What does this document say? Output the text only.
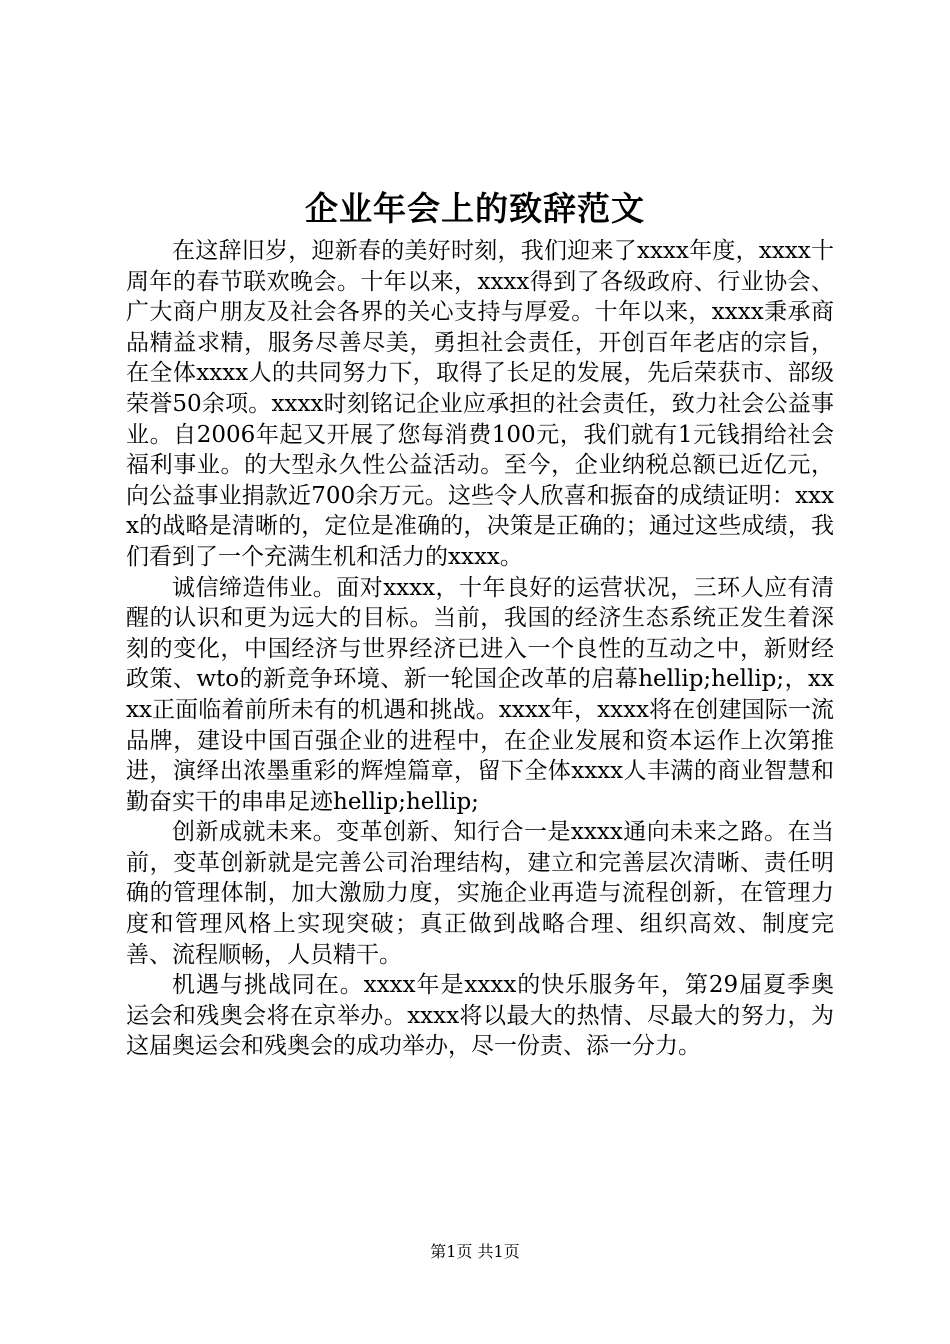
企业年会上的致辞范文

在这辞旧岁，迎新春的美好时刻，我们迎来了xxxx年度，xxxx十周年的春节联欢晚会。十年以来，xxxx得到了各级政府、行业协会、广大商户朋友及社会各界的关心支持与厚爱。十年以来，xxxx秉承商品精益求精，服务尽善尽美，勇担社会责任，开创百年老店的宗旨，在全体xxxx人的共同努力下，取得了长足的发展，先后荣获市、部级荣誉50余项。xxxx时刻铭记企业应承担的社会责任，致力社会公益事业。自2006年起又开展了您每消费100元，我们就有1元钱捐给社会福利事业。的大型永久性公益活动。至今，企业纳税总额已近亿元，向公益事业捐款近700余万元。这些令人欣喜和振奋的成绩证明：xxxx的战略是清晰的，定位是准确的，决策是正确的；通过这些成绩，我们看到了一个充满生机和活力的xxxx。

诚信缔造伟业。面对xxxx，十年良好的运营状况，三环人应有清醒的认识和更为远大的目标。当前，我国的经济生态系统正发生着深刻的变化，中国经济与世界经济已进入一个良性的互动之中，新财经政策、wto的新竞争环境、新一轮国企改革的启幕hellip;hellip;，xxxx正面临着前所未有的机遇和挑战。xxxx年，xxxx将在创建国际一流品牌，建设中国百强企业的进程中，在企业发展和资本运作上次第推进，演绎出浓墨重彩的辉煌篇章，留下全体xxxx人丰满的商业智慧和勤奋实干的串串足迹hellip;hellip;

创新成就未来。变革创新、知行合一是xxxx通向未来之路。在当前，变革创新就是完善公司治理结构，建立和完善层次清晰、责任明确的管理体制，加大激励力度，实施企业再造与流程创新，在管理力度和管理风格上实现突破；真正做到战略合理、组织高效、制度完善、流程顺畅，人员精干。

机遇与挑战同在。xxxx年是xxxx的快乐服务年，第29届夏季奥运会和残奥会将在京举办。xxxx将以最大的热情、尽最大的努力，为这届奥运会和残奥会的成功举办，尽一份责、添一分力。

第1页 共1页
